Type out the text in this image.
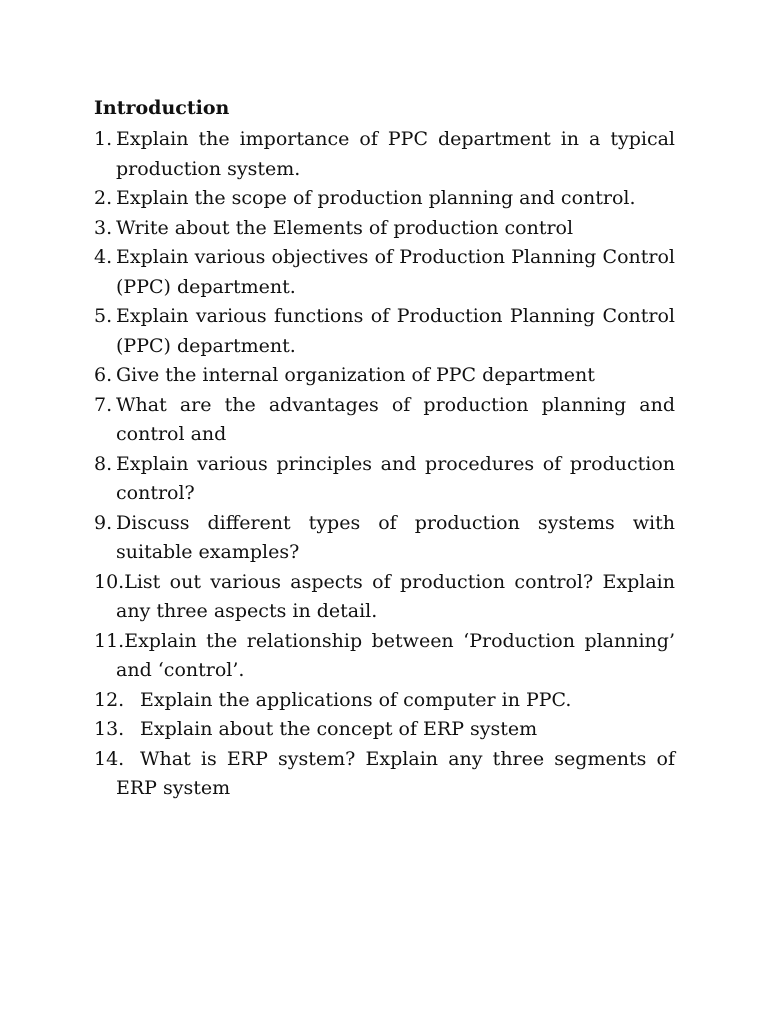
Introduction
1. Explain the importance of PPC department in a typical production system.
2. Explain the scope of production planning and control.
3. Write about the Elements of production control
4. Explain various objectives of Production Planning Control (PPC) department.
5. Explain various functions of Production Planning Control (PPC) department.
6. Give the internal organization of PPC department
7. What are the advantages of production planning and control and
8. Explain various principles and procedures of production control?
9. Discuss different types of production systems with suitable examples?
10.List out various aspects of production control? Explain any three aspects in detail.
11.Explain the relationship between ‘Production planning’ and ‘control’.
12. Explain the applications of computer in PPC.
13. Explain about the concept of ERP system
14. What is ERP system? Explain any three segments of ERP system
